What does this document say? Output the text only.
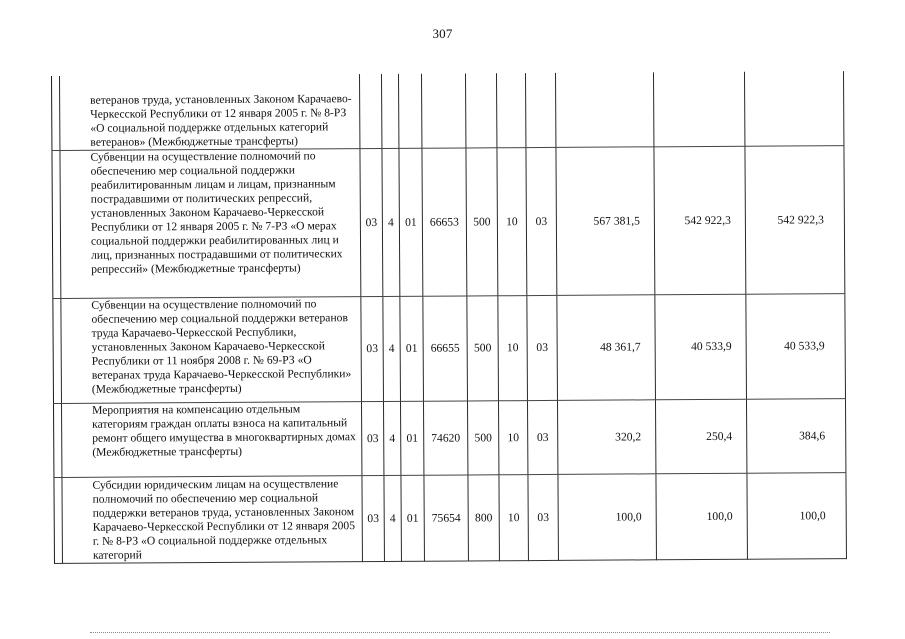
307
	ветеранов труда, установленных Законом Карачаево-Черкесской Республики от 12 января 2005 г. № 8-РЗ «О социальной поддержке отдельных категорий ветеранов» (Межбюджетные трансферты)										
	Субвенции на осуществление полномочий по обеспечению мер социальной поддержки реабилитированным лицам и лицам, признанным пострадавшими от политических репрессий, установленных Законом Карачаево-Черкесской Республики от 12 января 2005 г. № 7-РЗ «О мерах социальной поддержки реабилитированных лиц и лиц, признанных пострадавшими от политических репрессий» (Межбюджетные трансферты)	03	4	01	66653	500	10	03	567 381,5	542 922,3	542 922,3
	Субвенции на осуществление полномочий по обеспечению мер социальной поддержки ветеранов труда Карачаево-Черкесской Республики, установленных Законом Карачаево-Черкесской Республики от 11 ноября 2008 г. № 69-РЗ «О ветеранах труда Карачаево-Черкесской Республики» (Межбюджетные трансферты)	03	4	01	66655	500	10	03	48 361,7	40 533,9	40 533,9
	Мероприятия на компенсацию отдельным категориям граждан оплаты взноса на капитальный ремонт общего имущества в многоквартирных домах (Межбюджетные трансферты)	03	4	01	74620	500	10	03	320,2	250,4	384,6
	Субсидии юридическим лицам на осуществление полномочий по обеспечению мер социальной поддержки ветеранов труда, установленных Законом Карачаево-Черкесской Республики от 12 января 2005 г. № 8-РЗ «О социальной поддержке отдельных категорий	03	4	01	75654	800	10	03	100,0	100,0	100,0
